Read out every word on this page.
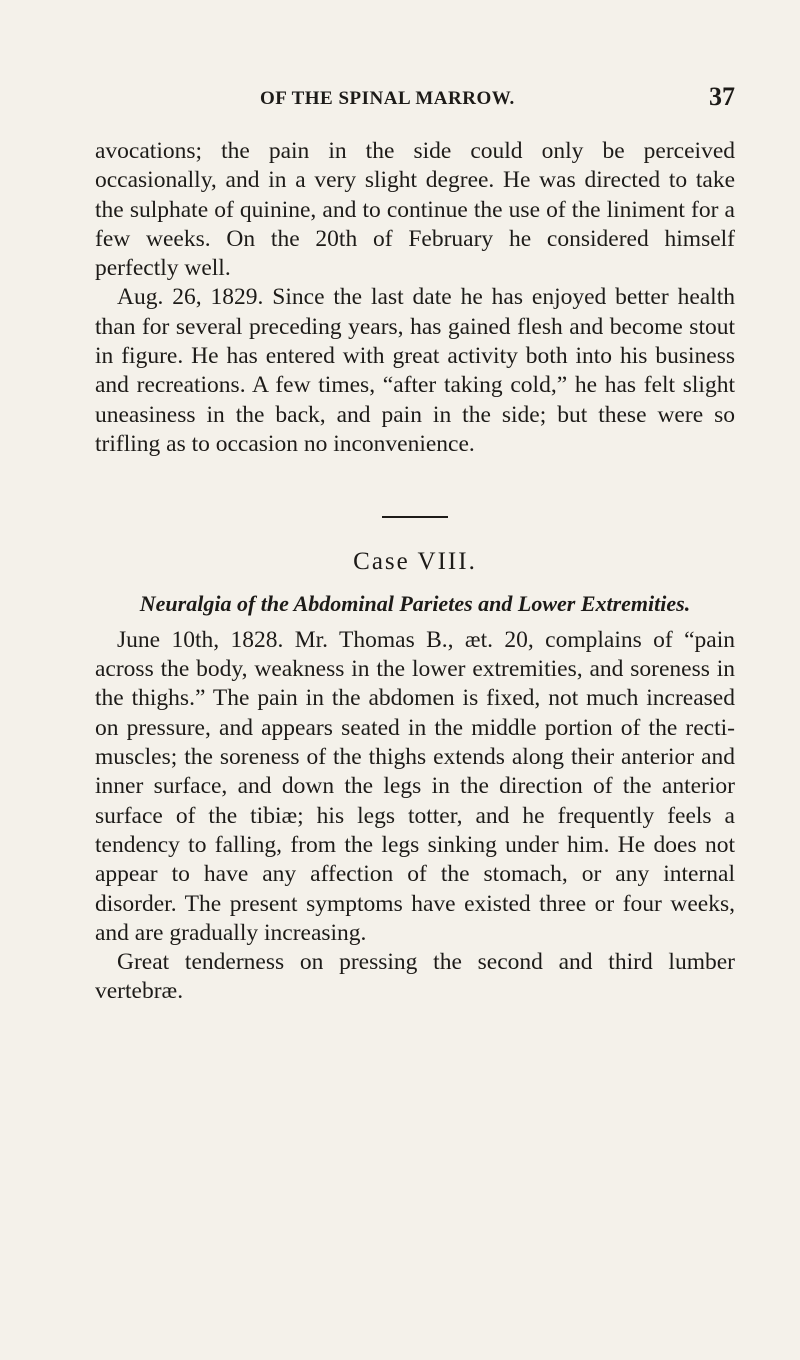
OF THE SPINAL MARROW.	37

avocations; the pain in the side could only be perceived occasionally, and in a very slight degree. He was directed to take the sulphate of quinine, and to continue the use of the liniment for a few weeks. On the 20th of February he considered himself perfectly well.

Aug. 26, 1829. Since the last date he has enjoyed better health than for several preceding years, has gained flesh and become stout in figure. He has entered with great activity both into his business and recreations. A few times, “after taking cold,” he has felt slight uneasiness in the back, and pain in the side; but these were so trifling as to occasion no inconvenience.

Case VIII.
Neuralgia of the Abdominal Parietes and Lower Extremities.

June 10th, 1828. Mr. Thomas B., æt. 20, complains of “pain across the body, weakness in the lower extremities, and soreness in the thighs.” The pain in the abdomen is fixed, not much increased on pressure, and appears seated in the middle portion of the recti-muscles; the soreness of the thighs extends along their anterior and inner surface, and down the legs in the direction of the anterior surface of the tibiæ; his legs totter, and he frequently feels a tendency to falling, from the legs sinking under him. He does not appear to have any affection of the stomach, or any internal disorder. The present symptoms have existed three or four weeks, and are gradually increasing.

Great tenderness on pressing the second and third lumber vertebræ.
